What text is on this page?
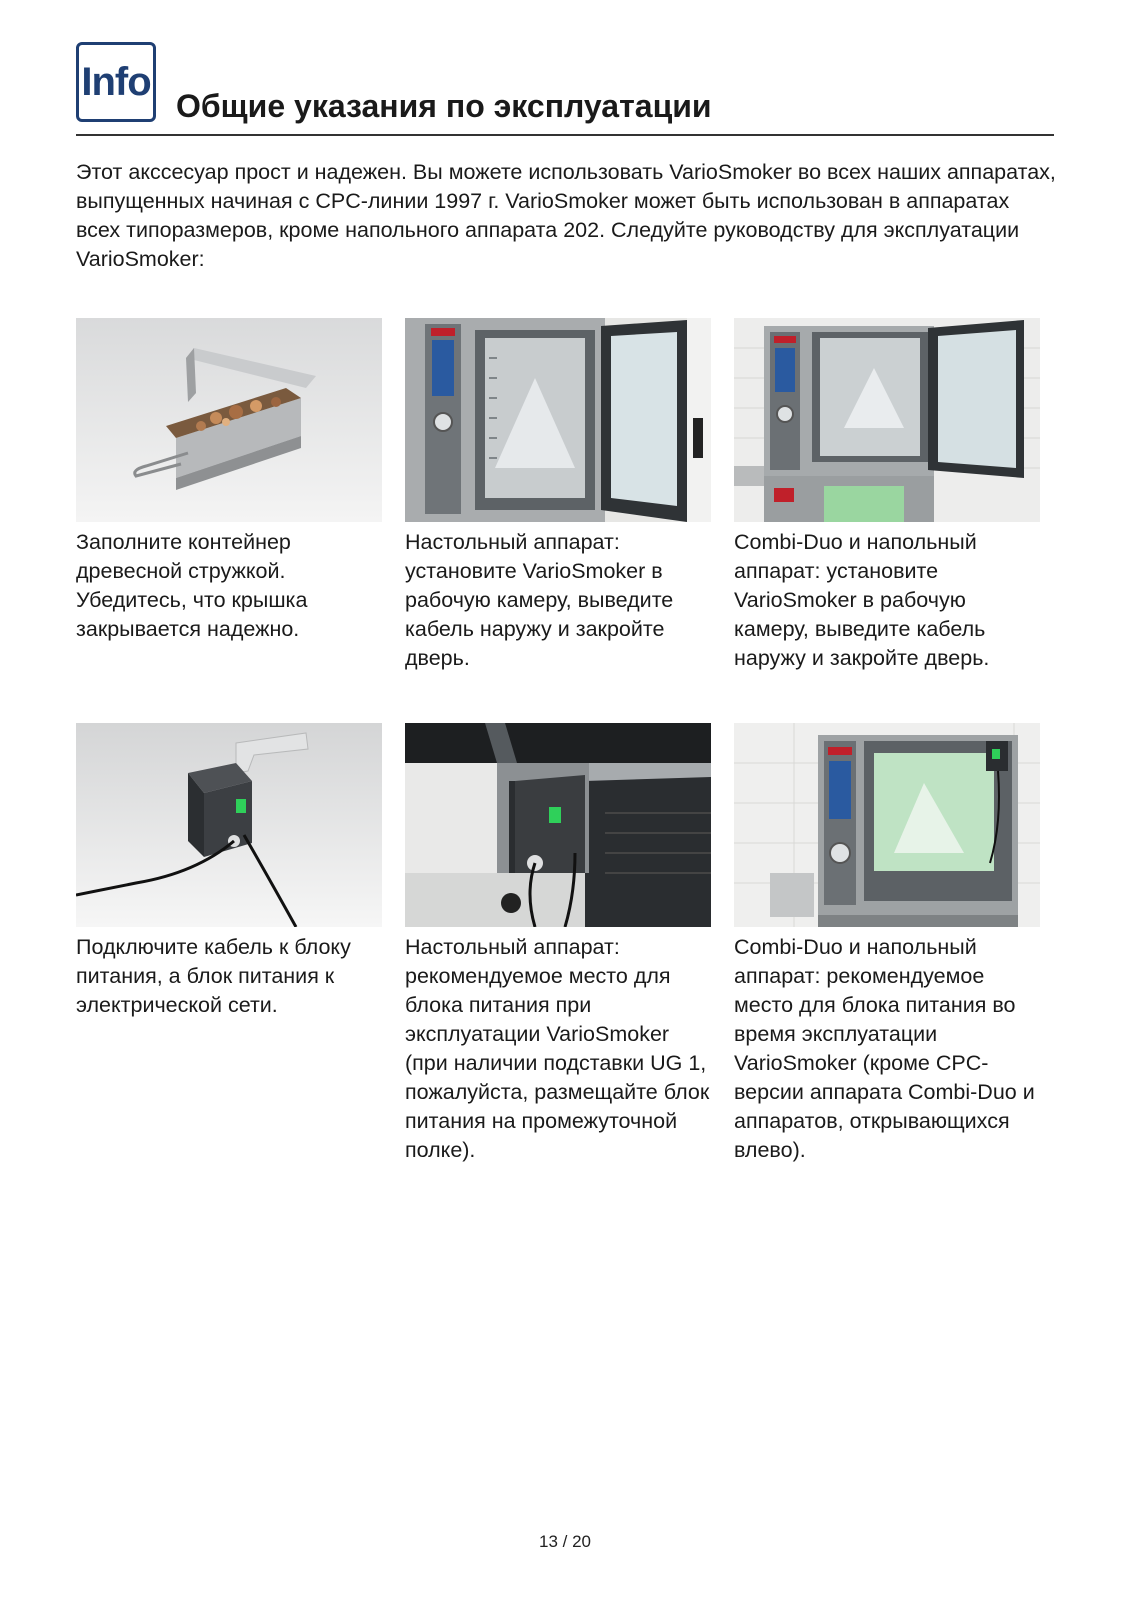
Info
Общие указания по эксплуатации
Этот акссесуар прост и надежен. Вы можете использовать VarioSmoker во всех наших аппаратах, выпущенных начиная с CPC-линии 1997 г. VarioSmoker может быть использован в аппаратах всех типоразмеров, кроме напольного аппарата 202. Следуйте руководству для эксплуатации VarioSmoker:
Заполните контейнер древесной стружкой. Убедитесь, что крышка закрывается надежно.
Настольный аппарат: установите VarioSmoker в рабочую камеру, выведите кабель наружу и закройте дверь.
Combi-Duo и напольный аппарат: установите VarioSmoker в рабочую камеру, выведите кабель наружу и закройте дверь.
Подключите кабель к блоку питания, а блок питания к электрической сети.
Настольный аппарат: рекомендуемое место для блока питания при эксплуатации VarioSmoker (при наличии подставки UG 1, пожалуйста, размещайте блок питания на промежуточной полке).
Combi-Duo и напольный аппарат: рекомендуемое место для блока питания во время эксплуатации VarioSmoker (кроме CPC-версии аппарата Combi-Duo и аппаратов, открывающихся влево).
13 / 20
